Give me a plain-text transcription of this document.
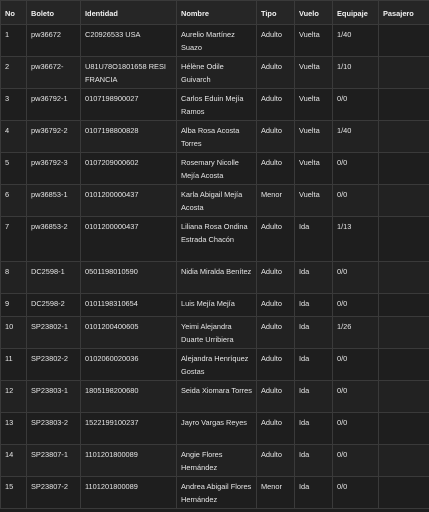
No	Boleto	Identidad	Nombre	Tipo	Vuelo	Equipaje	Pasajero
1	pw36672	C20926533 USA	Aurelio Martínez Suazo	Adulto	Vuelta	1/40	
2	pw36672-	U81U78O1801658 RESI FRANCIA	Hélène Odile Guivarch	Adulto	Vuelta	1/10	
3	pw36792-1	0107198900027	Carlos Eduin Mejía Ramos	Adulto	Vuelta	0/0	
4	pw36792-2	0107198800828	Alba Rosa Acosta Torres	Adulto	Vuelta	1/40	
5	pw36792-3	0107209000602	Rosemary Nicolle Mejía Acosta	Adulto	Vuelta	0/0	
6	pw36853-1	0101200000437	Karla Abigail Mejía Acosta	Menor	Vuelta	0/0	
7	pw36853-2	0101200000437	Liliana Rosa Ondina Estrada Chacón	Adulto	Ida	1/13	
8	DC2598-1	0501198010590	Nidia Miralda Benítez	Adulto	Ida	0/0	
9	DC2598-2	0101198310654	Luis Mejía Mejía	Adulto	Ida	0/0	
10	SP23802-1	0101200400605	Yeimi Alejandra Duarte Urribiera	Adulto	Ida	1/26	
11	SP23802-2	0102060020036	Alejandra Henríquez Gostas	Adulto	Ida	0/0	
12	SP23803-1	1805198200680	Seida Xiomara Torres	Adulto	Ida	0/0	
13	SP23803-2	1522199100237	Jayro Vargas Reyes	Adulto	Ida	0/0	
14	SP23807-1	1101201800089	Angie Flores Hernández	Adulto	Ida	0/0	
15	SP23807-2	1101201800089	Andrea Abigail Flores Hernández	Menor	Ida	0/0	
